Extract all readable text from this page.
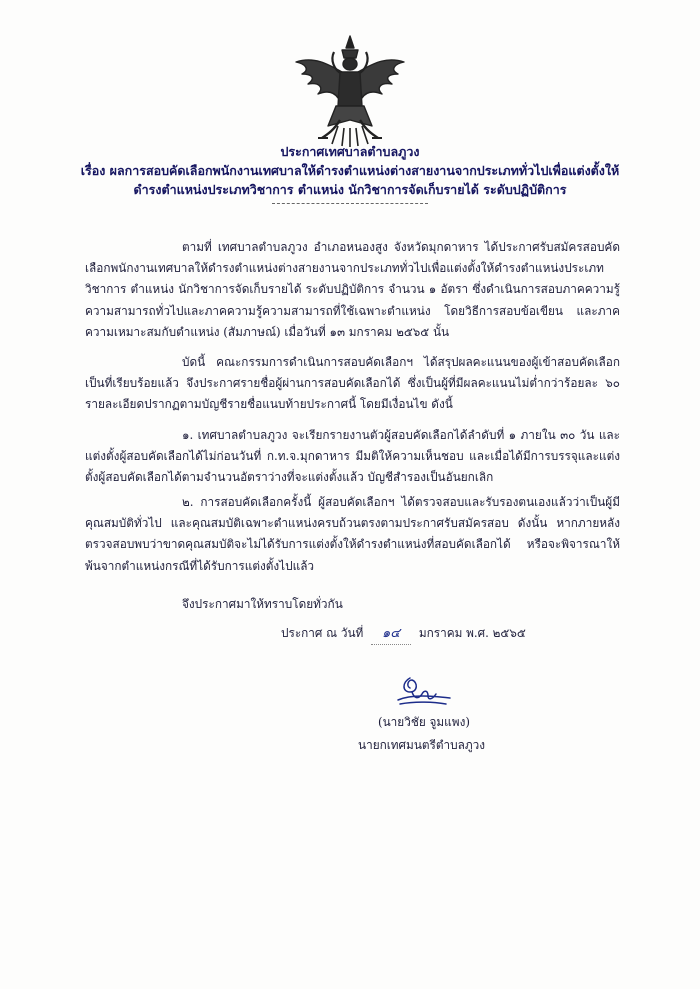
ประกาศเทศบาลตำบลภูวง
เรื่อง ผลการสอบคัดเลือกพนักงานเทศบาลให้ดำรงตำแหน่งต่างสายงานจากประเภททั่วไปเพื่อแต่งตั้งให้
ดำรงตำแหน่งประเภทวิชาการ ตำแหน่ง นักวิชาการจัดเก็บรายได้ ระดับปฏิบัติการ

ตามที่ เทศบาลตำบลภูวง อำเภอหนองสูง จังหวัดมุกดาหาร ได้ประกาศรับสมัครสอบคัดเลือกพนักงานเทศบาลให้ดำรงตำแหน่งต่างสายงานจากประเภททั่วไปเพื่อแต่งตั้งให้ดำรงตำแหน่งประเภทวิชาการ ตำแหน่ง นักวิชาการจัดเก็บรายได้ ระดับปฏิบัติการ จำนวน ๑ อัตรา ซึ่งดำเนินการสอบภาคความรู้ความสามารถทั่วไปและภาคความรู้ความสามารถที่ใช้เฉพาะตำแหน่ง โดยวิธีการสอบข้อเขียน และภาคความเหมาะสมกับตำแหน่ง (สัมภาษณ์) เมื่อวันที่ ๑๓ มกราคม ๒๕๖๕ นั้น

บัดนี้ คณะกรรมการดำเนินการสอบคัดเลือกฯ ได้สรุปผลคะแนนของผู้เข้าสอบคัดเลือกเป็นที่เรียบร้อยแล้ว จึงประกาศรายชื่อผู้ผ่านการสอบคัดเลือกได้ ซึ่งเป็นผู้ที่มีผลคะแนนไม่ต่ำกว่าร้อยละ ๖๐ รายละเอียดปรากฏตามบัญชีรายชื่อแนบท้ายประกาศนี้ โดยมีเงื่อนไข ดังนี้

๑. เทศบาลตำบลภูวง จะเรียกรายงานตัวผู้สอบคัดเลือกได้ลำดับที่ ๑ ภายใน ๓๐ วัน และแต่งตั้งผู้สอบคัดเลือกได้ไม่ก่อนวันที่ ก.ท.จ.มุกดาหาร มีมติให้ความเห็นชอบ และเมื่อได้มีการบรรจุและแต่งตั้งผู้สอบคัดเลือกได้ตามจำนวนอัตราว่างที่จะแต่งตั้งแล้ว บัญชีสำรองเป็นอันยกเลิก

๒. การสอบคัดเลือกครั้งนี้ ผู้สอบคัดเลือกฯ ได้ตรวจสอบและรับรองตนเองแล้วว่าเป็นผู้มีคุณสมบัติทั่วไป และคุณสมบัติเฉพาะตำแหน่งครบถ้วนตรงตามประกาศรับสมัครสอบ ดังนั้น หากภายหลังตรวจสอบพบว่าขาดคุณสมบัติจะไม่ได้รับการแต่งตั้งให้ดำรงตำแหน่งที่สอบคัดเลือกได้ หรือจะพิจารณาให้พ้นจากตำแหน่งกรณีที่ได้รับการแต่งตั้งไปแล้ว

จึงประกาศมาให้ทราบโดยทั่วกัน
ประกาศ ณ วันที่ ๑๔ มกราคม พ.ศ. ๒๕๖๕
(นายวิชัย จูมแพง)
นายกเทศมนตรีตำบลภูวง
